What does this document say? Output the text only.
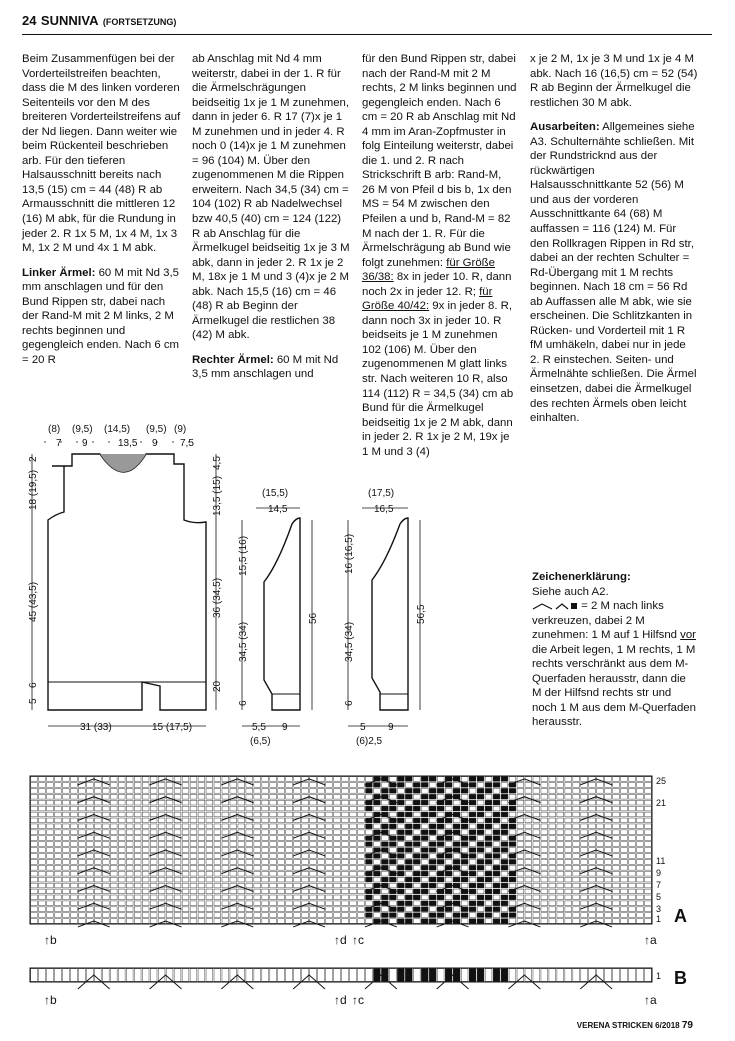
24 SUNNIVA (FORTSETZUNG)

Beim Zusammenfügen bei der Vorderteilstreifen beachten, dass die M des linken vorderen Seitenteils vor den M des breiteren Vorderteilstreifens auf der Nd liegen. Dann weiter wie beim Rückenteil beschrieben arb. Für den tieferen Halsausschnitt bereits nach 13,5 (15) cm = 44 (48) R ab Armausschnitt die mittleren 12 (16) M abk, für die Rundung in jeder 2. R 1x 5 M, 1x 4 M, 1x 3 M, 1x 2 M und 4x 1 M abk.

Linker Ärmel: 60 M mit Nd 3,5 mm anschlagen und für den Bund Rippen str, dabei nach der Rand-M mit 2 M links, 2 M rechts beginnen und gegengleich enden. Nach 6 cm = 20 R

ab Anschlag mit Nd 4 mm weiterstr, dabei in der 1. R für die Ärmelschrägungen beidseitig 1x je 1 M zunehmen, dann in jeder 6. R 17 (7)x je 1 M zunehmen und in jeder 4. R noch 0 (14)x je 1 M zunehmen = 96 (104) M. Über den zugenommenen M die Rippen erweitern. Nach 34,5 (34) cm = 104 (102) R ab Nadelwechsel bzw 40,5 (40) cm = 124 (122) R ab Anschlag für die Ärmelkugel beidseitig 1x je 3 M abk, dann in jeder 2. R 1x je 2 M, 18x je 1 M und 3 (4)x je 2 M abk. Nach 15,5 (16) cm = 46 (48) R ab Beginn der Ärmelkugel die restlichen 38 (42) M abk.

Rechter Ärmel: 60 M mit Nd 3,5 mm anschlagen und

für den Bund Rippen str, dabei nach der Rand-M mit 2 M rechts, 2 M links beginnen und gegengleich enden. Nach 6 cm = 20 R ab Anschlag mit Nd 4 mm im Aran-Zopfmuster in folg Einteilung weiterstr, dabei die 1. und 2. R nach Strickschrift B arb: Rand-M, 26 M von Pfeil d bis b, 1x den MS = 54 M zwischen den Pfeilen a und b, Rand-M = 82 M nach der 1. R. Für die Ärmelschrägung ab Bund wie folgt zunehmen: für Größe 36/38: 8x in jeder 10. R, dann noch 2x in jeder 12. R; für Größe 40/42: 9x in jeder 8. R, dann noch 3x in jeder 10. R beidseits je 1 M zunehmen 102 (106) M. Über den zugenommenen M glatt links str. Nach weiteren 10 R, also 114 (112) R = 34,5 (34) cm ab Bund für die Ärmelkugel beidseitig 1x je 2 M abk, dann in jeder 2. R 1x je 2 M, 19x je 1 M und 3 (4)

x je 2 M, 1x je 3 M und 1x je 4 M abk. Nach 16 (16,5) cm = 52 (54) R ab Beginn der Ärmelkugel die restlichen 30 M abk.

Ausarbeiten: Allgemeines siehe A3. Schulternähte schließen. Mit der Rundstricknd aus der rückwärtigen Halsausschnittkante 52 (56) M und aus der vorderen Ausschnittkante 64 (68) M auffassen = 116 (124) M. Für den Rollkragen Rippen in Rd str, dabei an der rechten Schulter = Rd-Übergang mit 1 M rechts beginnen. Nach 18 cm = 56 Rd ab Auffassen alle M abk, wie sie erscheinen. Die Schlitzkanten in Rücken- und Vorderteil mit 1 R fM umhäkeln, dabei nur in jede 2. R einstechen. Seiten- und Ärmelnähte schließen. Die Ärmel einsetzen, dabei die Ärmelkugel des rechten Ärmels oben leicht einhalten.

Zeichenerklärung:
Siehe auch A2.
= 2 M nach links verkreuzen, dabei 2 M zunehmen: 1 M auf 1 Hilfsnd vor die Arbeit legen, 1 M rechts, 1 M rechts verschränkt aus dem M-Querfaden herausstr, dann die M der Hilfsnd rechts str und noch 1 M aus dem M-Querfaden herausstr.
(8) (9,5) (14,5) (9,5) (9)
7 9	13,5 9 7,5
18 (19,5)
2
45 (43,5)
5
6
13,5 (15)
4,5
36 (34,5)
20
31 (33)	15 (17,5)
(15,5)
14,5
15,5 (16)
34,5 (34)
6
56
5,5 9
(6,5)
(17,5)
16,5
16 (16,5)
34,5 (34)
6
56,5
5 9
(6)2,5
25
21
11
9
7
5
3
1 A
↑b	↑d ↑c	↑a
1 B
↑b	↑d ↑c	↑a
VERENA STRICKEN 6/2018 79
